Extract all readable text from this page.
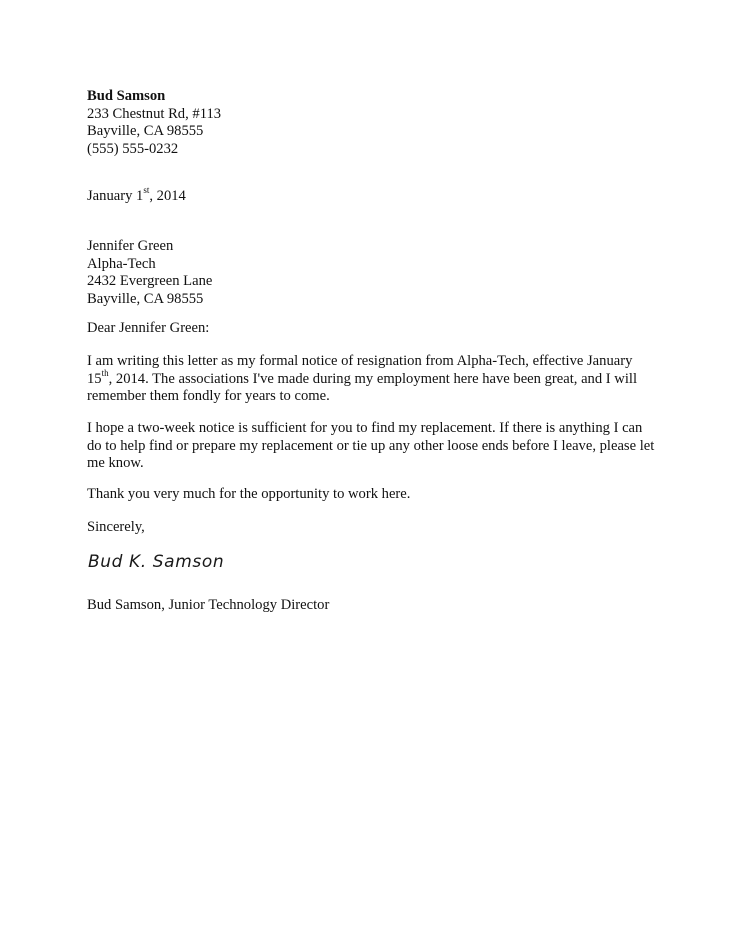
Bud Samson
233 Chestnut Rd, #113
Bayville, CA 98555
(555) 555-0232
January 1st, 2014
Jennifer Green
Alpha-Tech
2432 Evergreen Lane
Bayville, CA 98555
Dear Jennifer Green:
I am writing this letter as my formal notice of resignation from Alpha-Tech, effective January
15th, 2014. The associations I've made during my employment here have been great, and I will
remember them fondly for years to come.
I hope a two-week notice is sufficient for you to find my replacement. If there is anything I can
do to help find or prepare my replacement or tie up any other loose ends before I leave, please let
me know.
Thank you very much for the opportunity to work here.
Sincerely,
Bud K. Samson
Bud Samson, Junior Technology Director
